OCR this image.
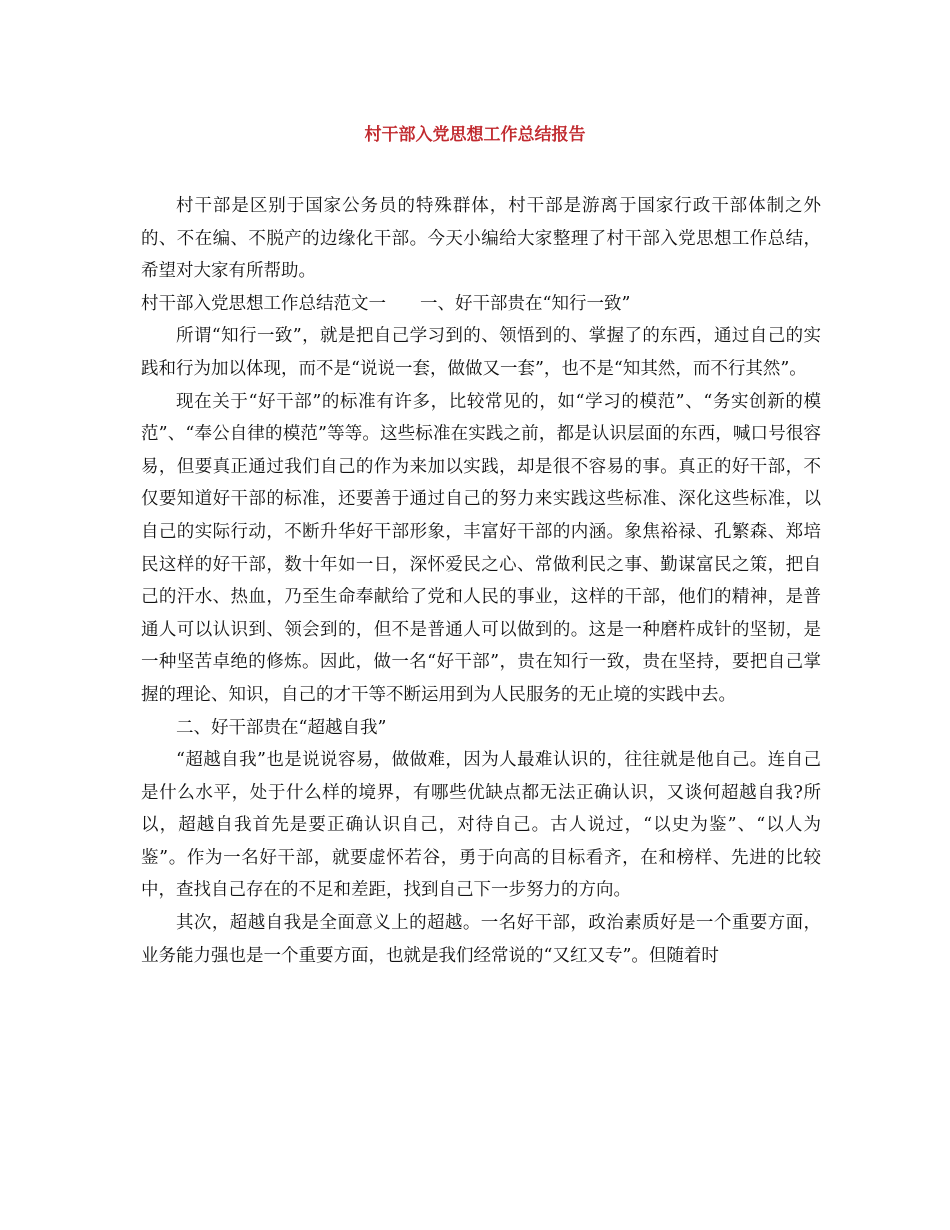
村干部入党思想工作总结报告

村干部是区别于国家公务员的特殊群体，村干部是游离于国家行政干部体制之外的、不在编、不脱产的边缘化干部。今天小编给大家整理了村干部入党思想工作总结，希望对大家有所帮助。

村干部入党思想工作总结范文一 一、好干部贵在“知行一致”

所谓“知行一致”，就是把自己学习到的、领悟到的、掌握了的东西，通过自己的实践和行为加以体现，而不是“说说一套，做做又一套”，也不是“知其然，而不行其然”。

现在关于“好干部”的标准有许多，比较常见的，如“学习的模范”、“务实创新的模范”、“奉公自律的模范”等等。这些标准在实践之前，都是认识层面的东西，喊口号很容易，但要真正通过我们自己的作为来加以实践，却是很不容易的事。真正的好干部，不仅要知道好干部的标准，还要善于通过自己的努力来实践这些标准、深化这些标准，以自己的实际行动，不断升华好干部形象，丰富好干部的内涵。象焦裕禄、孔繁森、郑培民这样的好干部，数十年如一日，深怀爱民之心、常做利民之事、勤谋富民之策，把自己的汗水、热血，乃至生命奉献给了党和人民的事业，这样的干部，他们的精神，是普通人可以认识到、领会到的，但不是普通人可以做到的。这是一种磨杵成针的坚韧，是一种坚苦卓绝的修炼。因此，做一名“好干部”，贵在知行一致，贵在坚持，要把自己掌握的理论、知识，自己的才干等不断运用到为人民服务的无止境的实践中去。

二、好干部贵在“超越自我”

“超越自我”也是说说容易，做做难，因为人最难认识的，往往就是他自己。连自己是什么水平，处于什么样的境界，有哪些优缺点都无法正确认识，又谈何超越自我?所以，超越自我首先是要正确认识自己，对待自己。古人说过，“以史为鉴”、“以人为鉴”。作为一名好干部，就要虚怀若谷，勇于向高的目标看齐，在和榜样、先进的比较中，查找自己存在的不足和差距，找到自己下一步努力的方向。

其次，超越自我是全面意义上的超越。一名好干部，政治素质好是一个重要方面，业务能力强也是一个重要方面，也就是我们经常说的“又红又专”。但随着时
